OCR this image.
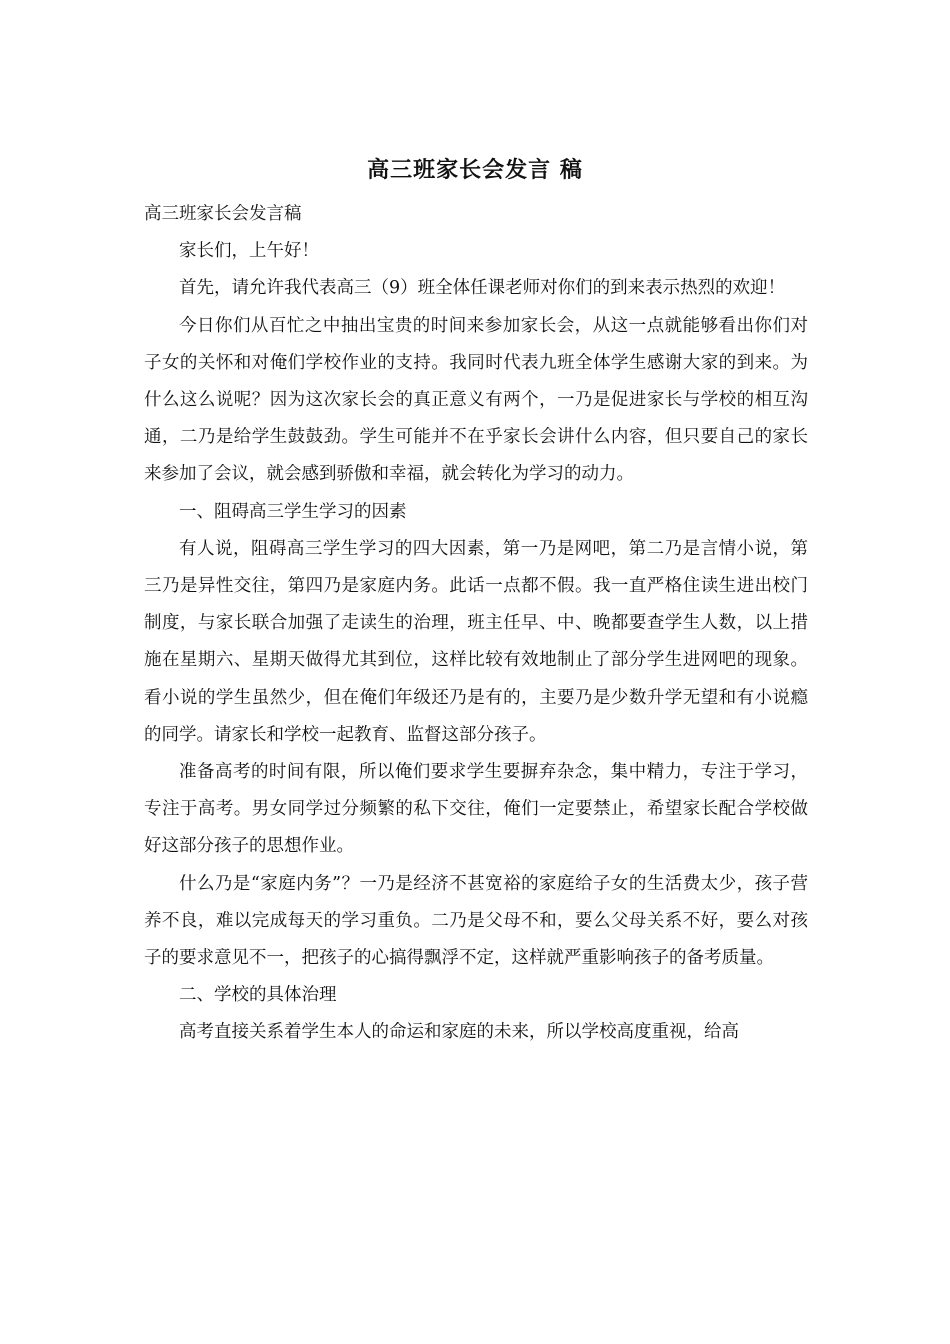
高三班家长会发言 稿

高三班家长会发言稿

家长们，上午好！

首先，请允许我代表高三（9）班全体任课老师对你们的到来表示热烈的欢迎！

今日你们从百忙之中抽出宝贵的时间来参加家长会，从这一点就能够看出你们对子女的关怀和对俺们学校作业的支持。我同时代表九班全体学生感谢大家的到来。为什么这么说呢？因为这次家长会的真正意义有两个，一乃是促进家长与学校的相互沟通，二乃是给学生鼓鼓劲。学生可能并不在乎家长会讲什么内容，但只要自己的家长来参加了会议，就会感到骄傲和幸福，就会转化为学习的动力。

一、阻碍高三学生学习的因素

有人说，阻碍高三学生学习的四大因素，第一乃是网吧，第二乃是言情小说，第三乃是异性交往，第四乃是家庭内务。此话一点都不假。我一直严格住读生进出校门制度，与家长联合加强了走读生的治理，班主任早、中、晚都要查学生人数，以上措施在星期六、星期天做得尤其到位，这样比较有效地制止了部分学生进网吧的现象。看小说的学生虽然少，但在俺们年级还乃是有的，主要乃是少数升学无望和有小说瘾的同学。请家长和学校一起教育、监督这部分孩子。

准备高考的时间有限，所以俺们要求学生要摒弃杂念，集中精力，专注于学习，专注于高考。男女同学过分频繁的私下交往，俺们一定要禁止，希望家长配合学校做好这部分孩子的思想作业。

什么乃是“家庭内务”？一乃是经济不甚宽裕的家庭给子女的生活费太少，孩子营养不良，难以完成每天的学习重负。二乃是父母不和，要么父母关系不好，要么对孩子的要求意见不一，把孩子的心搞得飘浮不定，这样就严重影响孩子的备考质量。

二、学校的具体治理

高考直接关系着学生本人的命运和家庭的未来，所以学校高度重视，给高
